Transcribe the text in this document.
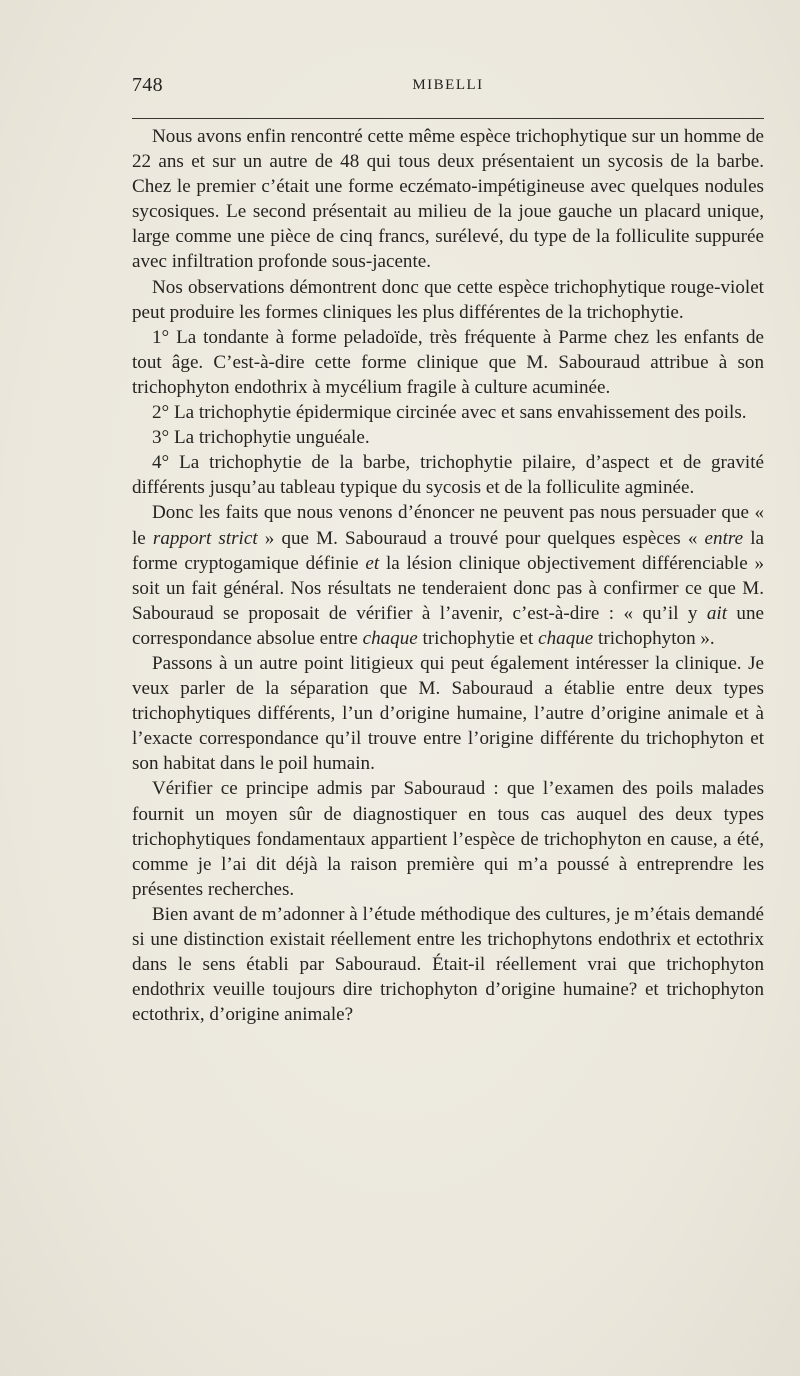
748	MIBELLI

Nous avons enfin rencontré cette même espèce trichophytique sur un homme de 22 ans et sur un autre de 48 qui tous deux présentaient un sycosis de la barbe. Chez le premier c’était une forme eczémato-impétigineuse avec quelques nodules sycosiques. Le second présentait au milieu de la joue gauche un placard unique, large comme une pièce de cinq francs, surélevé, du type de la folliculite suppurée avec infiltration profonde sous-jacente.

Nos observations démontrent donc que cette espèce trichophytique rouge-violet peut produire les formes cliniques les plus différentes de la trichophytie.

1° La tondante à forme peladoïde, très fréquente à Parme chez les enfants de tout âge. C’est-à-dire cette forme clinique que M. Sabouraud attribue à son trichophyton endothrix à mycélium fragile à culture acuminée.

2° La trichophytie épidermique circinée avec et sans envahissement des poils.

3° La trichophytie unguéale.

4° La trichophytie de la barbe, trichophytie pilaire, d’aspect et de gravité différents jusqu’au tableau typique du sycosis et de la folliculite agminée.

Donc les faits que nous venons d’énoncer ne peuvent pas nous persuader que « le rapport strict » que M. Sabouraud a trouvé pour quelques espèces « entre la forme cryptogamique définie et la lésion clinique objectivement différenciable » soit un fait général. Nos résultats ne tenderaient donc pas à confirmer ce que M. Sabouraud se proposait de vérifier à l’avenir, c’est-à-dire : « qu’il y ait une correspondance absolue entre chaque trichophytie et chaque trichophyton ».

Passons à un autre point litigieux qui peut également intéresser la clinique. Je veux parler de la séparation que M. Sabouraud a établie entre deux types trichophytiques différents, l’un d’origine humaine, l’autre d’origine animale et à l’exacte correspondance qu’il trouve entre l’origine différente du trichophyton et son habitat dans le poil humain.

Vérifier ce principe admis par Sabouraud : que l’examen des poils malades fournit un moyen sûr de diagnostiquer en tous cas auquel des deux types trichophytiques fondamentaux appartient l’espèce de trichophyton en cause, a été, comme je l’ai dit déjà la raison première qui m’a poussé à entreprendre les présentes recherches.

Bien avant de m’adonner à l’étude méthodique des cultures, je m’étais demandé si une distinction existait réellement entre les trichophytons endothrix et ectothrix dans le sens établi par Sabouraud. Était-il réellement vrai que trichophyton endothrix veuille toujours dire trichophyton d’origine humaine? et trichophyton ectothrix, d’origine animale?
